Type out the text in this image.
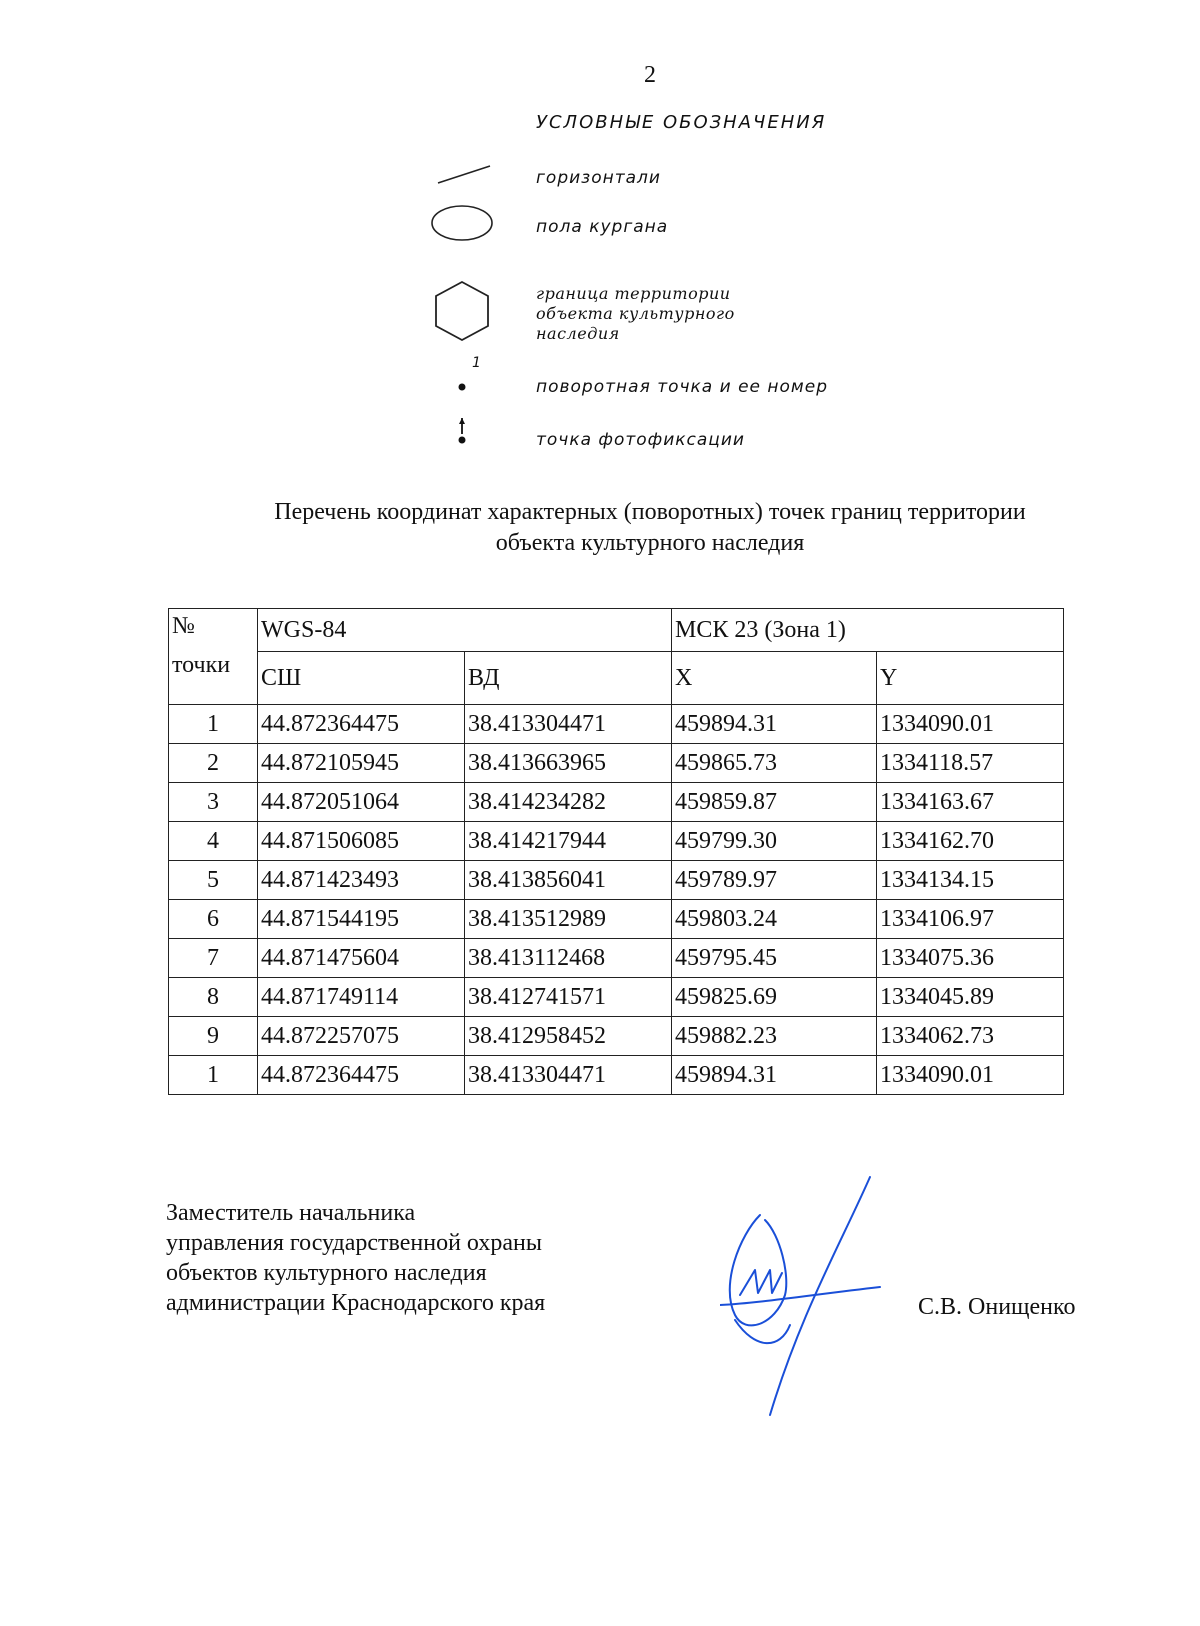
2
УСЛОВНЫЕ ОБОЗНАЧЕНИЯ
горизонтали
пола кургана
граница территории объекта культурного наследия
1
поворотная точка и ее номер
точка фотофиксации
Перечень координат характерных (поворотных) точек границ территории
объекта культурного наследия
№
точки	WGS-84		МСК 23 (Зона 1)	
	СШ	ВД	X	Y
1	44.872364475	38.413304471	459894.31	1334090.01
2	44.872105945	38.413663965	459865.73	1334118.57
3	44.872051064	38.414234282	459859.87	1334163.67
4	44.871506085	38.414217944	459799.30	1334162.70
5	44.871423493	38.413856041	459789.97	1334134.15
6	44.871544195	38.413512989	459803.24	1334106.97
7	44.871475604	38.413112468	459795.45	1334075.36
8	44.871749114	38.412741571	459825.69	1334045.89
9	44.872257075	38.412958452	459882.23	1334062.73
1	44.872364475	38.413304471	459894.31	1334090.01
Заместитель начальника
управления государственной охраны
объектов культурного наследия
администрации Краснодарского края	С.В. Онищенко
